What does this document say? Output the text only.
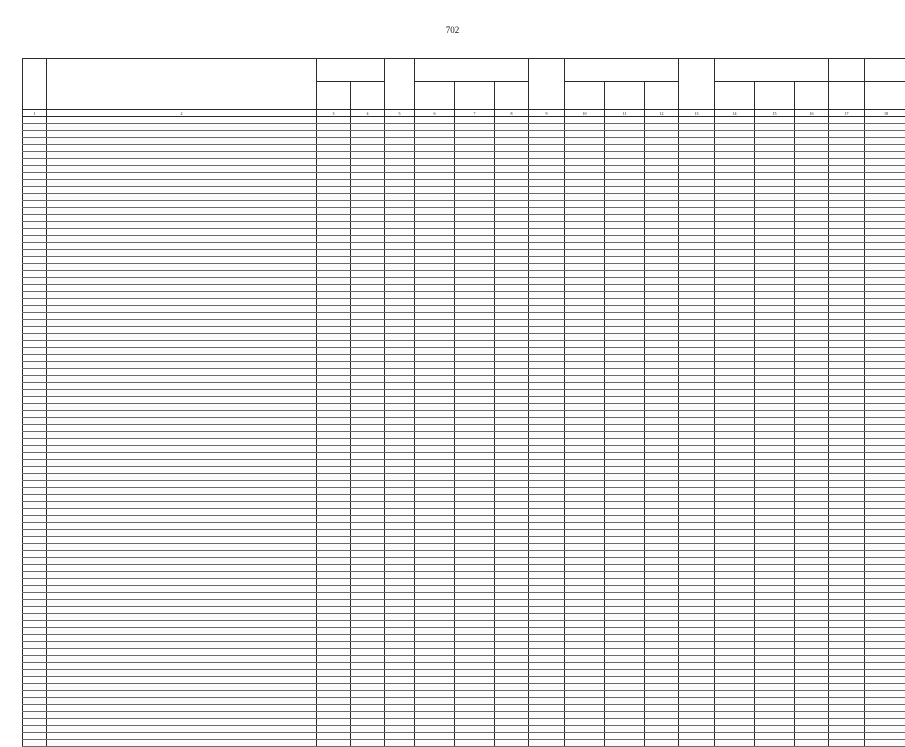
702

1	2	3	4	5	6	7	8	9	10	11	12	13	14	15	16	17	18	
